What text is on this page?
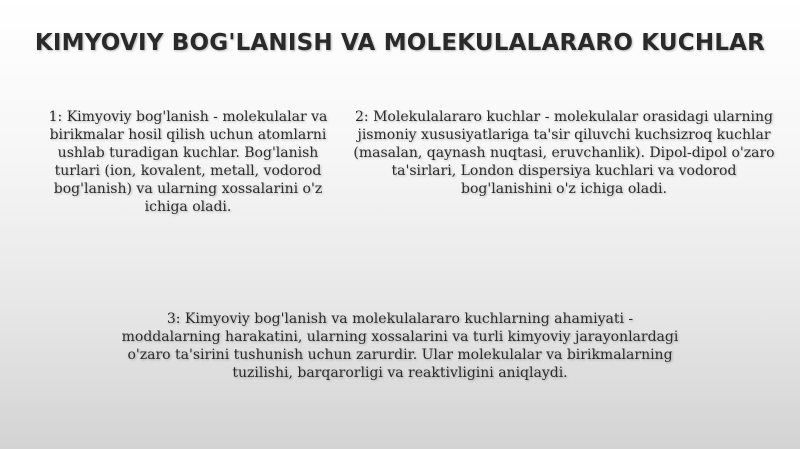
KIMYOVIY BOG'LANISH VA MOLEKULALARARO KUCHLAR
1: Kimyoviy bog'lanish - molekulalar va birikmalar hosil qilish uchun atomlarni ushlab turadigan kuchlar. Bog'lanish turlari (ion, kovalent, metall, vodorod bog'lanish) va ularning xossalarini o'z ichiga oladi.
2: Molekulalararo kuchlar - molekulalar orasidagi ularning jismoniy xususiyatlariga ta'sir qiluvchi kuchsizroq kuchlar (masalan, qaynash nuqtasi, eruvchanlik). Dipol-dipol o'zaro ta'sirlari, London dispersiya kuchlari va vodorod bog'lanishini o'z ichiga oladi.
3: Kimyoviy bog'lanish va molekulalararo kuchlarning ahamiyati - moddalarning harakatini, ularning xossalarini va turli kimyoviy jarayonlardagi o'zaro ta'sirini tushunish uchun zarurdir. Ular molekulalar va birikmalarning tuzilishi, barqarorligi va reaktivligini aniqlaydi.
